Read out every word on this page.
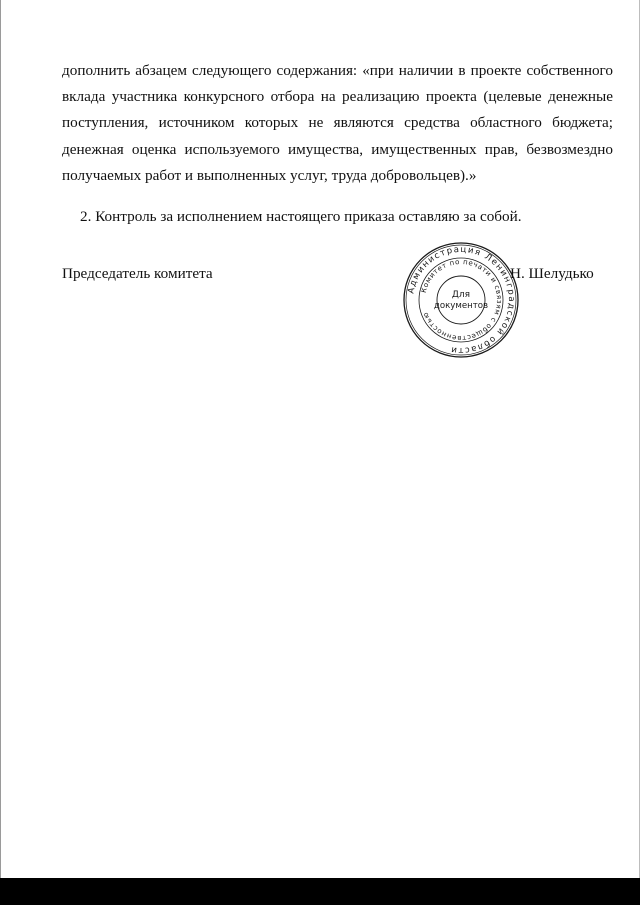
дополнить абзацем следующего содержания: «при наличии в проекте собственного
вклада участника конкурсного отбора на реализацию проекта (целевые денежные
поступления, источником которых не являются средства областного бюджета;
денежная оценка используемого имущества, имущественных прав, безвозмездно
получаемых работ и выполненных услуг, труда добровольцев).»
2. Контроль за исполнением настоящего приказа оставляю за собой.
Председатель комитета
Администрация Ленинградской области
Комитет по печати и связям с общественностью
Для
документов
Н. Шелудько
